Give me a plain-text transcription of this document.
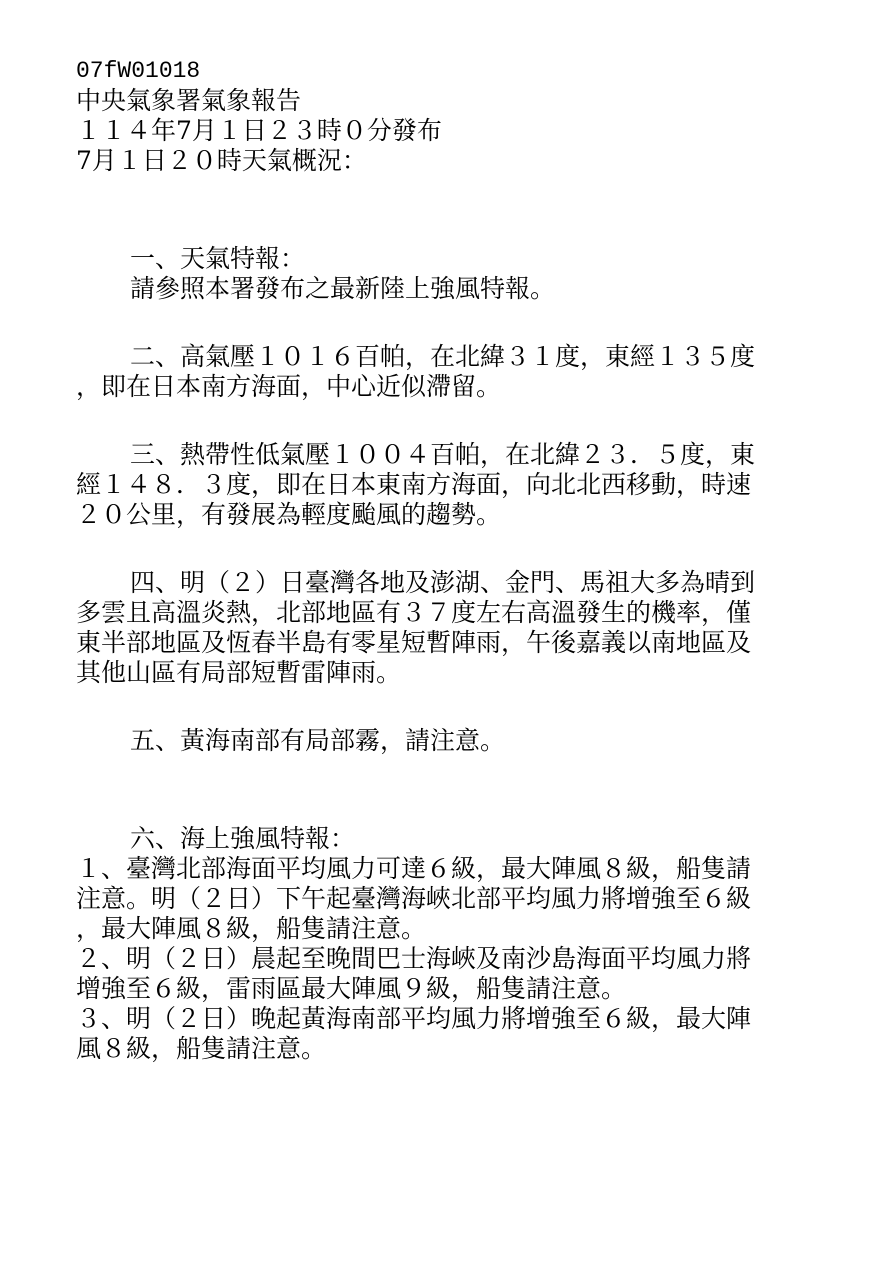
07fW01018
中央氣象署氣象報告
１１４年7月１日２３時０分發布
7月１日２０時天氣概況：
一、天氣特報：
請參照本署發布之最新陸上強風特報。
二、高氣壓１０１６百帕，在北緯３１度，東經１３５度
，即在日本南方海面，中心近似滯留。
三、熱帶性低氣壓１００４百帕，在北緯２３．５度，東
經１４８．３度，即在日本東南方海面，向北北西移動，時速
２０公里，有發展為輕度颱風的趨勢。
四、明（２）日臺灣各地及澎湖、金門、馬祖大多為晴到
多雲且高溫炎熱，北部地區有３７度左右高溫發生的機率，僅
東半部地區及恆春半島有零星短暫陣雨，午後嘉義以南地區及
其他山區有局部短暫雷陣雨。
五、黃海南部有局部霧，請注意。
六、海上強風特報：
１、臺灣北部海面平均風力可達６級，最大陣風８級，船隻請
注意。明（２日）下午起臺灣海峽北部平均風力將增強至６級
，最大陣風８級，船隻請注意。
２、明（２日）晨起至晚間巴士海峽及南沙島海面平均風力將
增強至６級，雷雨區最大陣風９級，船隻請注意。
３、明（２日）晚起黃海南部平均風力將增強至６級，最大陣
風８級，船隻請注意。
